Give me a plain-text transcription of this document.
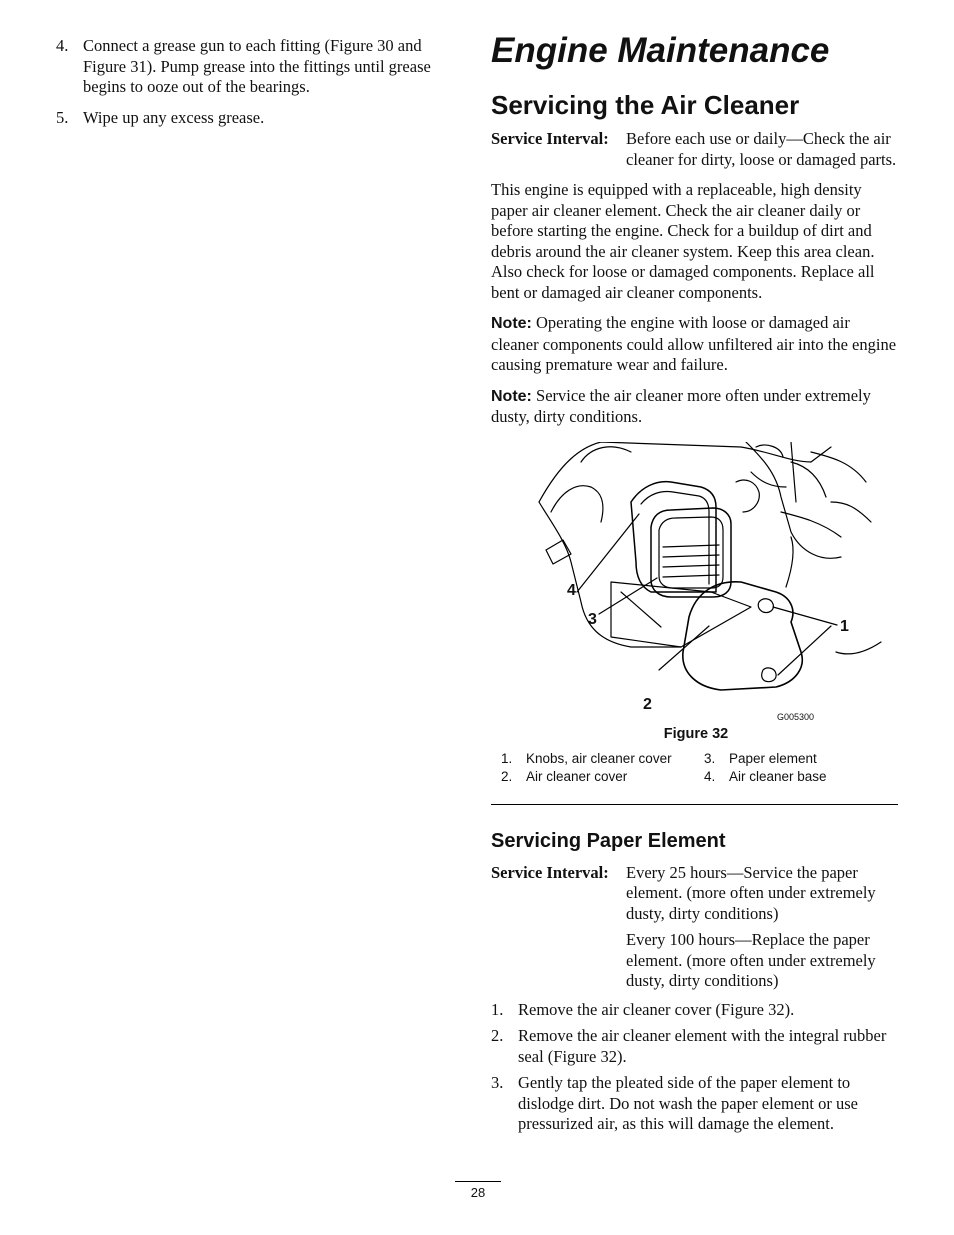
4. Connect a grease gun to each fitting (Figure 30 and Figure 31). Pump grease into the fittings until grease begins to ooze out of the bearings.
5. Wipe up any excess grease.
Engine Maintenance
Servicing the Air Cleaner
Service Interval:	Before each use or daily—Check the air cleaner for dirty, loose or damaged parts.

This engine is equipped with a replaceable, high density paper air cleaner element. Check the air cleaner daily or before starting the engine. Check for a buildup of dirt and debris around the air cleaner system. Keep this area clean. Also check for loose or damaged components. Replace all bent or damaged air cleaner components.

Note: Operating the engine with loose or damaged air cleaner components could allow unfiltered air into the engine causing premature wear and failure.

Note: Service the air cleaner more often under extremely dusty, dirty conditions.

1
2
3
4
G005300
Figure 32
1. Knobs, air cleaner cover	3. Paper element
2. Air cleaner cover	4. Air cleaner base
Servicing Paper Element
Service Interval:	Every 25 hours—Service the paper element. (more often under extremely dusty, dirty conditions)

Every 100 hours—Replace the paper element. (more often under extremely dusty, dirty conditions)

1. Remove the air cleaner cover (Figure 32).
2. Remove the air cleaner element with the integral rubber seal (Figure 32).
3. Gently tap the pleated side of the paper element to dislodge dirt. Do not wash the paper element or use pressurized air, as this will damage the element.
28
